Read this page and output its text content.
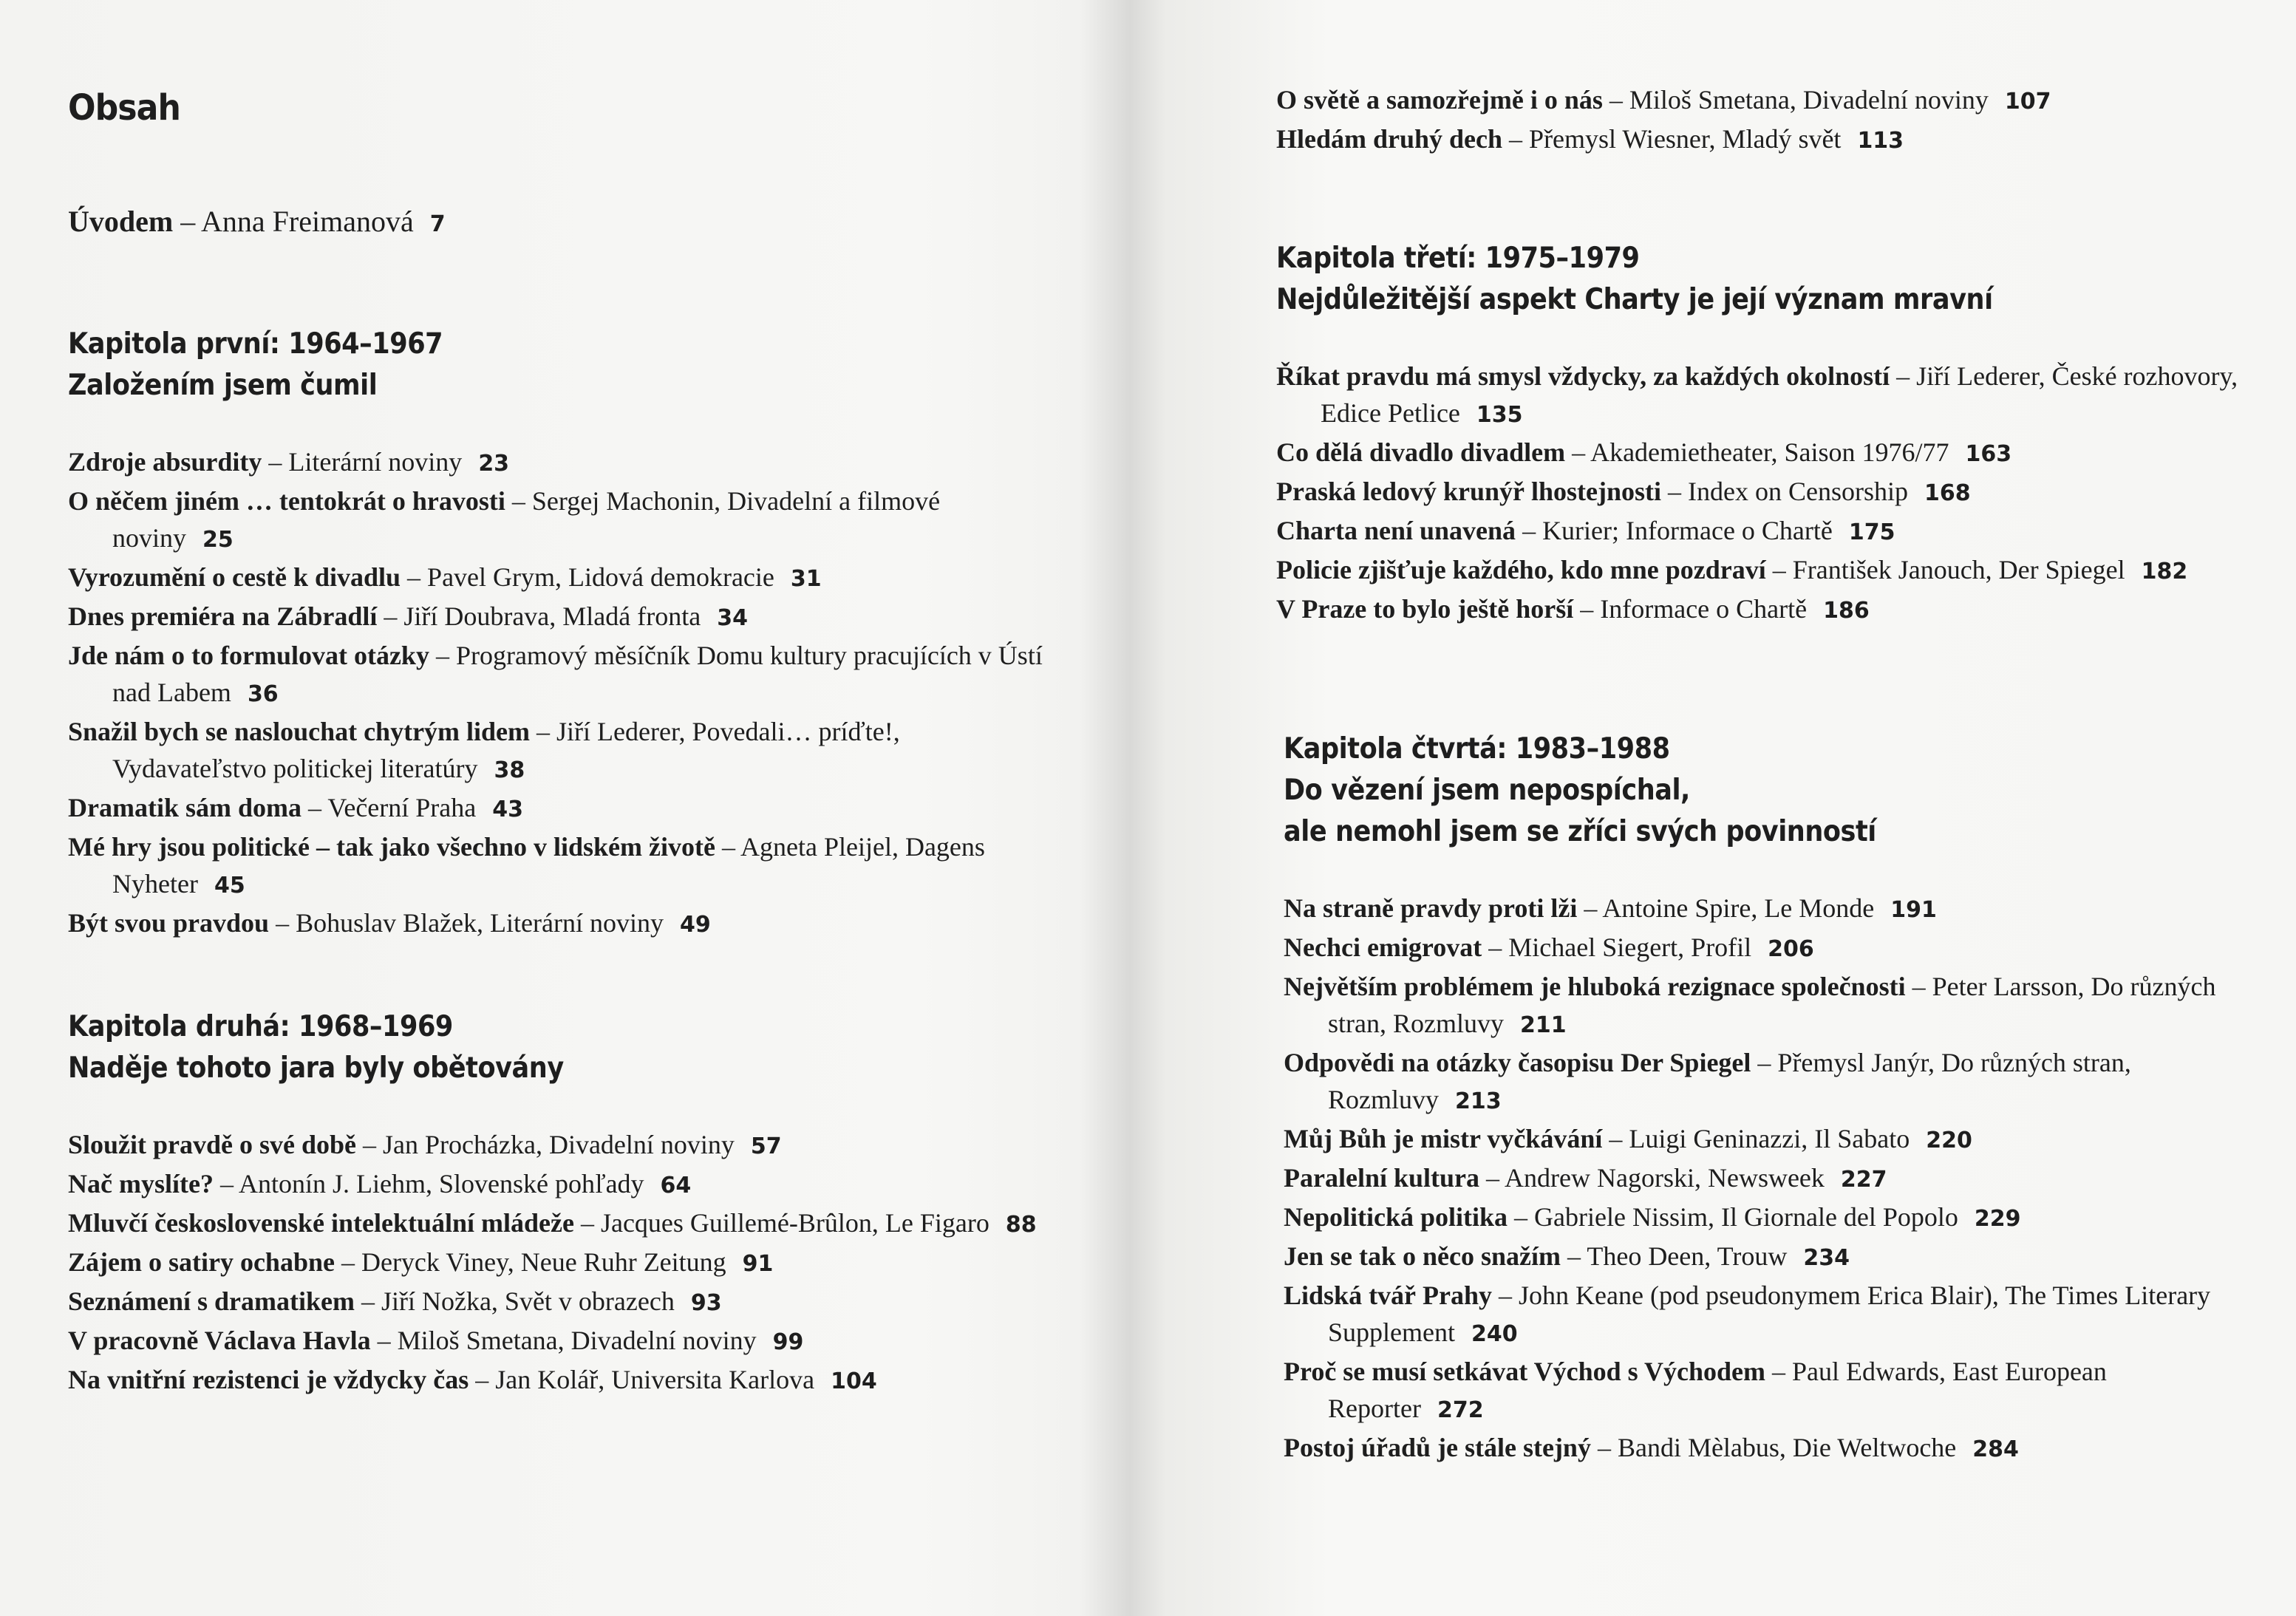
Obsah
Úvodem – Anna Freimanová 7
Kapitola první: 1964–1967
Založením jsem čumil

Zdroje absurdity – Literární noviny 23

O něčem jiném … tentokrát o hravosti – Sergej Machonin, Divadelní a filmové noviny 25

Vyrozumění o cestě k divadlu – Pavel Grym, Lidová demokracie 31

Dnes premiéra na Zábradlí – Jiří Doubrava, Mladá fronta 34

Jde nám o to formulovat otázky – Programový měsíčník Domu kultury pracujících v Ústí nad Labem 36

Snažil bych se naslouchat chytrým lidem – Jiří Lederer, Povedali… príďte!, Vydavateľstvo politickej literatúry 38

Dramatik sám doma – Večerní Praha 43

Mé hry jsou politické – tak jako všechno v lidském životě – Agneta Pleijel, Dagens Nyheter 45

Být svou pravdou – Bohuslav Blažek, Literární noviny 49

Kapitola druhá: 1968–1969
Naděje tohoto jara byly obětovány

Sloužit pravdě o své době – Jan Procházka, Divadelní noviny 57

Nač myslíte? – Antonín J. Liehm, Slovenské pohľady 64

Mluvčí československé intelektuální mládeže – Jacques Guillemé-Brûlon, Le Figaro 88

Zájem o satiry ochabne – Deryck Viney, Neue Ruhr Zeitung 91

Seznámení s dramatikem – Jiří Nožka, Svět v obrazech 93

V pracovně Václava Havla – Miloš Smetana, Divadelní noviny 99

Na vnitřní rezistenci je vždycky čas – Jan Kolář, Universita Karlova 104

O světě a samozřejmě i o nás – Miloš Smetana, Divadelní noviny 107

Hledám druhý dech – Přemysl Wiesner, Mladý svět 113

Kapitola třetí: 1975–1979
Nejdůležitější aspekt Charty je její význam mravní

Říkat pravdu má smysl vždycky, za každých okolností – Jiří Lederer, České rozhovory, Edice Petlice 135

Co dělá divadlo divadlem – Akademietheater, Saison 1976/77 163

Praská ledový krunýř lhostejnosti – Index on Censorship 168

Charta není unavená – Kurier; Informace o Chartě 175

Policie zjišťuje každého, kdo mne pozdraví – František Janouch, Der Spiegel 182

V Praze to bylo ještě horší – Informace o Chartě 186

Kapitola čtvrtá: 1983–1988
Do vězení jsem nepospíchal,
ale nemohl jsem se zříci svých povinností

Na straně pravdy proti lži – Antoine Spire, Le Monde 191

Nechci emigrovat – Michael Siegert, Profil 206

Největším problémem je hluboká rezignace společnosti – Peter Larsson, Do různých stran, Rozmluvy 211

Odpovědi na otázky časopisu Der Spiegel – Přemysl Janýr, Do různých stran, Rozmluvy 213

Můj Bůh je mistr vyčkávání – Luigi Geninazzi, Il Sabato 220

Paralelní kultura – Andrew Nagorski, Newsweek 227

Nepolitická politika – Gabriele Nissim, Il Giornale del Popolo 229

Jen se tak o něco snažím – Theo Deen, Trouw 234

Lidská tvář Prahy – John Keane (pod pseudonymem Erica Blair), The Times Literary Supplement 240

Proč se musí setkávat Východ s Východem – Paul Edwards, East European Reporter 272

Postoj úřadů je stále stejný – Bandi Mèlabus, Die Weltwoche 284
